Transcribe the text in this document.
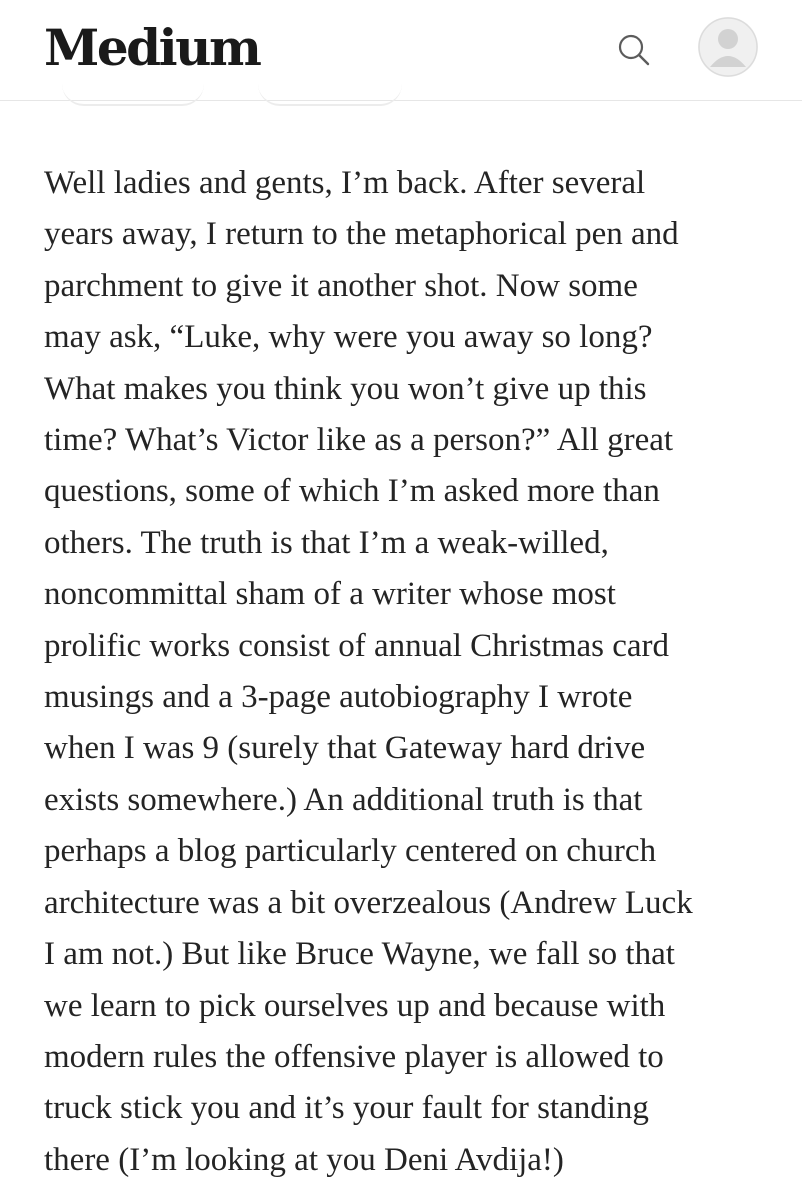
Medium

Well ladies and gents, I’m back. After several
years away, I return to the metaphorical pen and
parchment to give it another shot. Now some
may ask, “Luke, why were you away so long?
What makes you think you won’t give up this
time? What’s Victor like as a person?” All great
questions, some of which I’m asked more than
others. The truth is that I’m a weak-willed,
noncommittal sham of a writer whose most
prolific works consist of annual Christmas card
musings and a 3-page autobiography I wrote
when I was 9 (surely that Gateway hard drive
exists somewhere.) An additional truth is that
perhaps a blog particularly centered on church
architecture was a bit overzealous (Andrew Luck
I am not.) But like Bruce Wayne, we fall so that
we learn to pick ourselves up and because with
modern rules the offensive player is allowed to
truck stick you and it’s your fault for standing
there (I’m looking at you Deni Avdija!)
